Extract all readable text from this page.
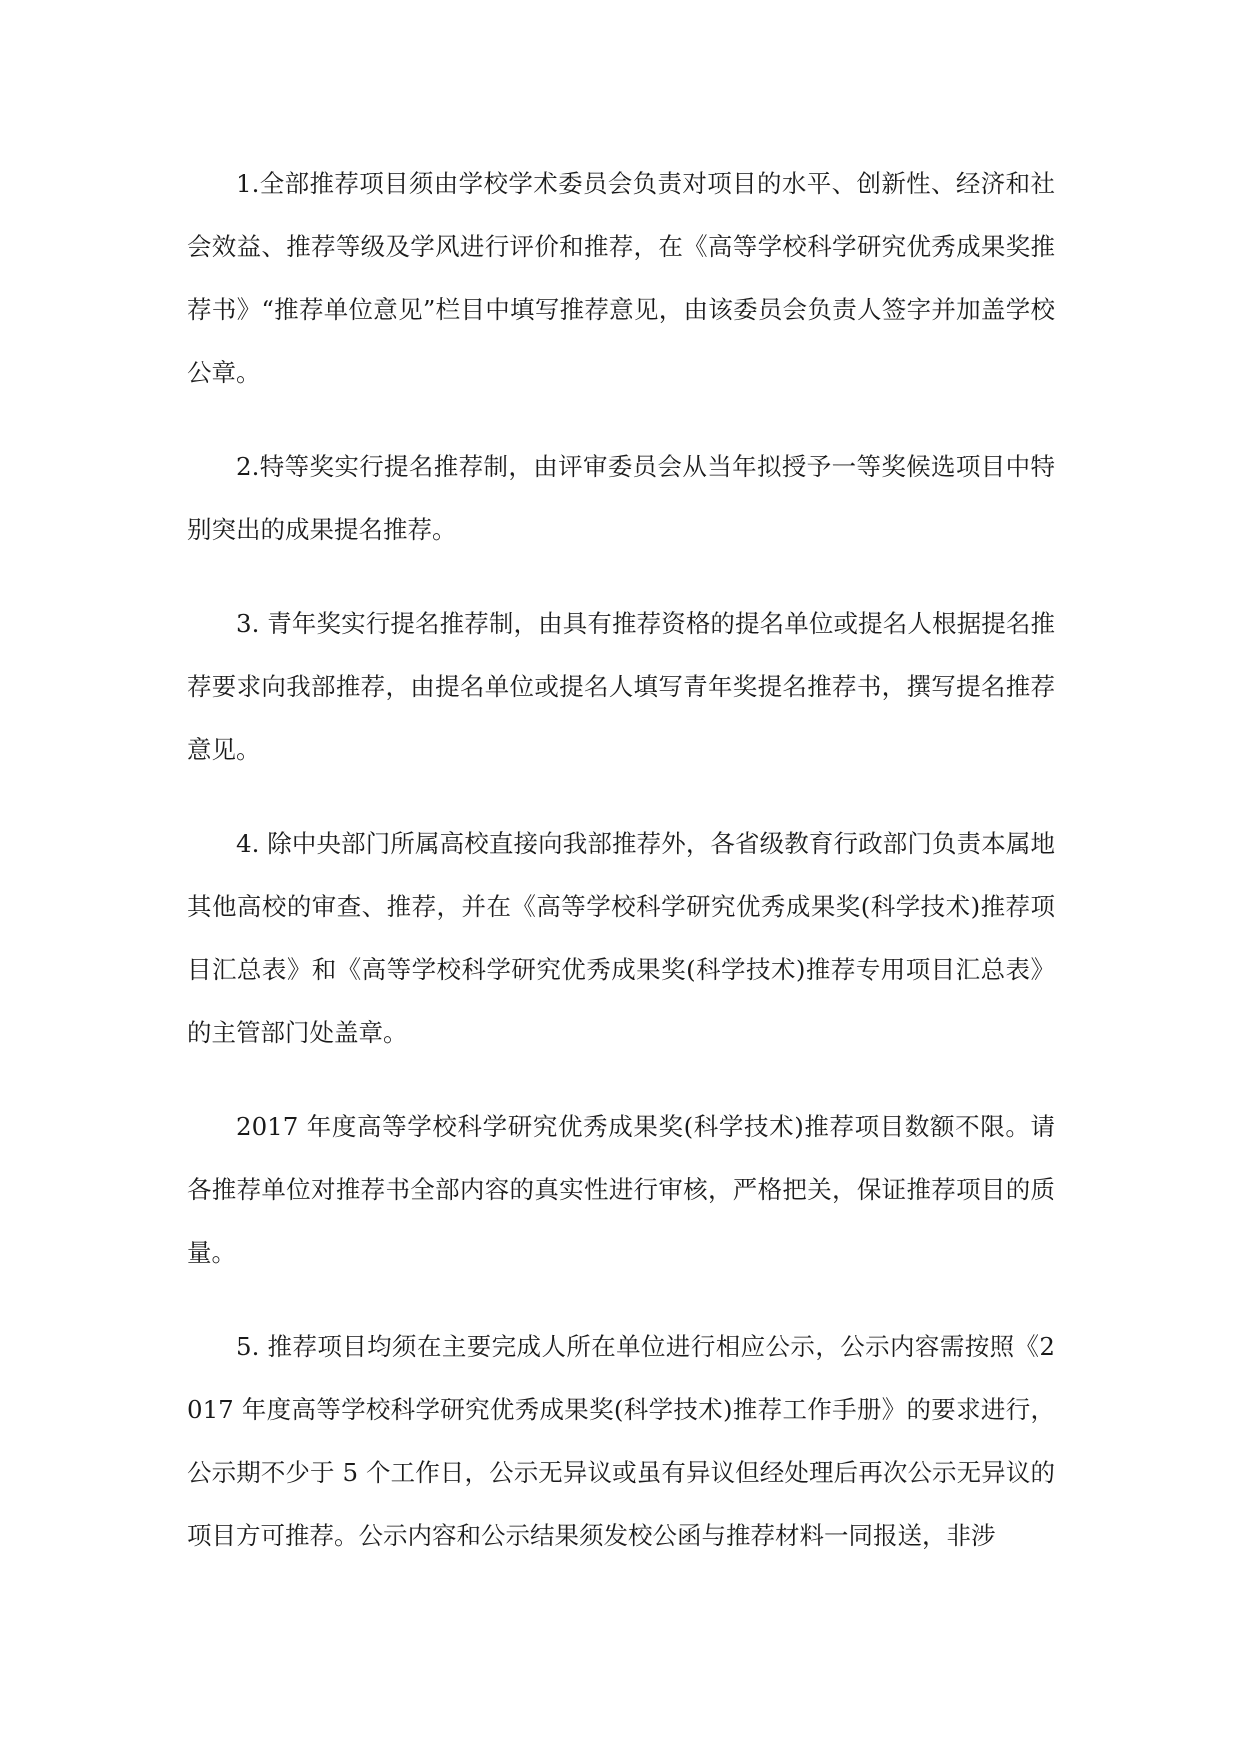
1.全部推荐项目须由学校学术委员会负责对项目的水平、创新性、经济和社会效益、推荐等级及学风进行评价和推荐，在《高等学校科学研究优秀成果奖推荐书》“推荐单位意见”栏目中填写推荐意见，由该委员会负责人签字并加盖学校公章。

2.特等奖实行提名推荐制，由评审委员会从当年拟授予一等奖候选项目中特别突出的成果提名推荐。

3. 青年奖实行提名推荐制，由具有推荐资格的提名单位或提名人根据提名推荐要求向我部推荐，由提名单位或提名人填写青年奖提名推荐书，撰写提名推荐意见。

4. 除中央部门所属高校直接向我部推荐外，各省级教育行政部门负责本属地其他高校的审查、推荐，并在《高等学校科学研究优秀成果奖(科学技术)推荐项目汇总表》和《高等学校科学研究优秀成果奖(科学技术)推荐专用项目汇总表》的主管部门处盖章。

2017 年度高等学校科学研究优秀成果奖(科学技术)推荐项目数额不限。请各推荐单位对推荐书全部内容的真实性进行审核，严格把关，保证推荐项目的质量。

5. 推荐项目均须在主要完成人所在单位进行相应公示，公示内容需按照《2017 年度高等学校科学研究优秀成果奖(科学技术)推荐工作手册》的要求进行，公示期不少于 5 个工作日，公示无异议或虽有异议但经处理后再次公示无异议的项目方可推荐。公示内容和公示结果须发校公函与推荐材料一同报送，非涉
